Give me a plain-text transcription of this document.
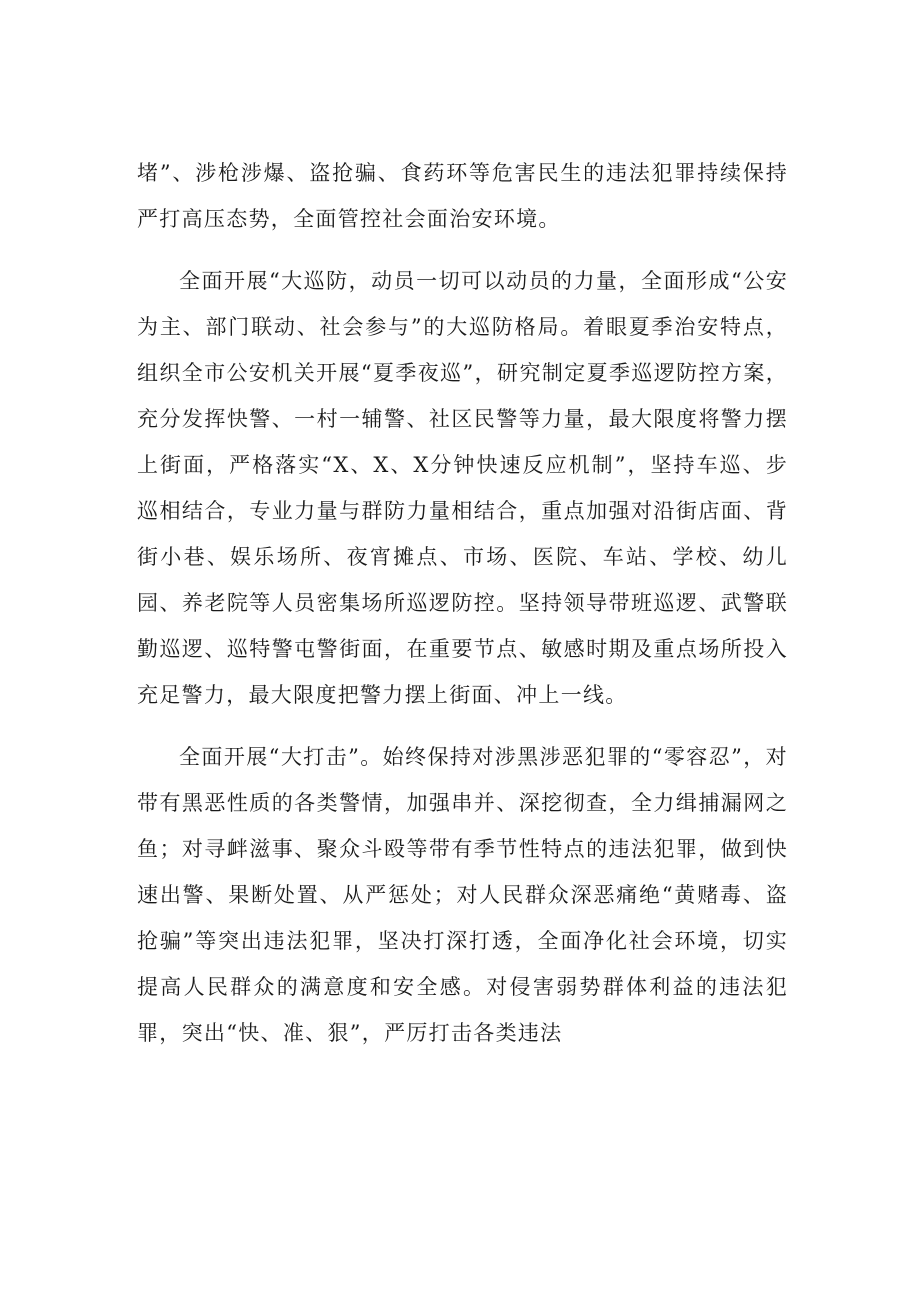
堵”、涉枪涉爆、盗抢骗、食药环等危害民生的违法犯罪持续保持严打高压态势，全面管控社会面治安环境。

全面开展“大巡防，动员一切可以动员的力量，全面形成“公安为主、部门联动、社会参与”的大巡防格局。着眼夏季治安特点，组织全市公安机关开展“夏季夜巡”，研究制定夏季巡逻防控方案，充分发挥快警、一村一辅警、社区民警等力量，最大限度将警力摆上街面，严格落实“X、X、X分钟快速反应机制”，坚持车巡、步巡相结合，专业力量与群防力量相结合，重点加强对沿街店面、背街小巷、娱乐场所、夜宵摊点、市场、医院、车站、学校、幼儿园、养老院等人员密集场所巡逻防控。坚持领导带班巡逻、武警联勤巡逻、巡特警屯警街面，在重要节点、敏感时期及重点场所投入充足警力，最大限度把警力摆上街面、冲上一线。

全面开展“大打击”。始终保持对涉黑涉恶犯罪的“零容忍”，对带有黑恶性质的各类警情，加强串并、深挖彻查，全力缉捕漏网之鱼；对寻衅滋事、聚众斗殴等带有季节性特点的违法犯罪，做到快速出警、果断处置、从严惩处；对人民群众深恶痛绝“黄赌毒、盗抢骗”等突出违法犯罪，坚决打深打透，全面净化社会环境，切实提高人民群众的满意度和安全感。对侵害弱势群体利益的违法犯罪，突出“快、准、狠”，严厉打击各类违法
